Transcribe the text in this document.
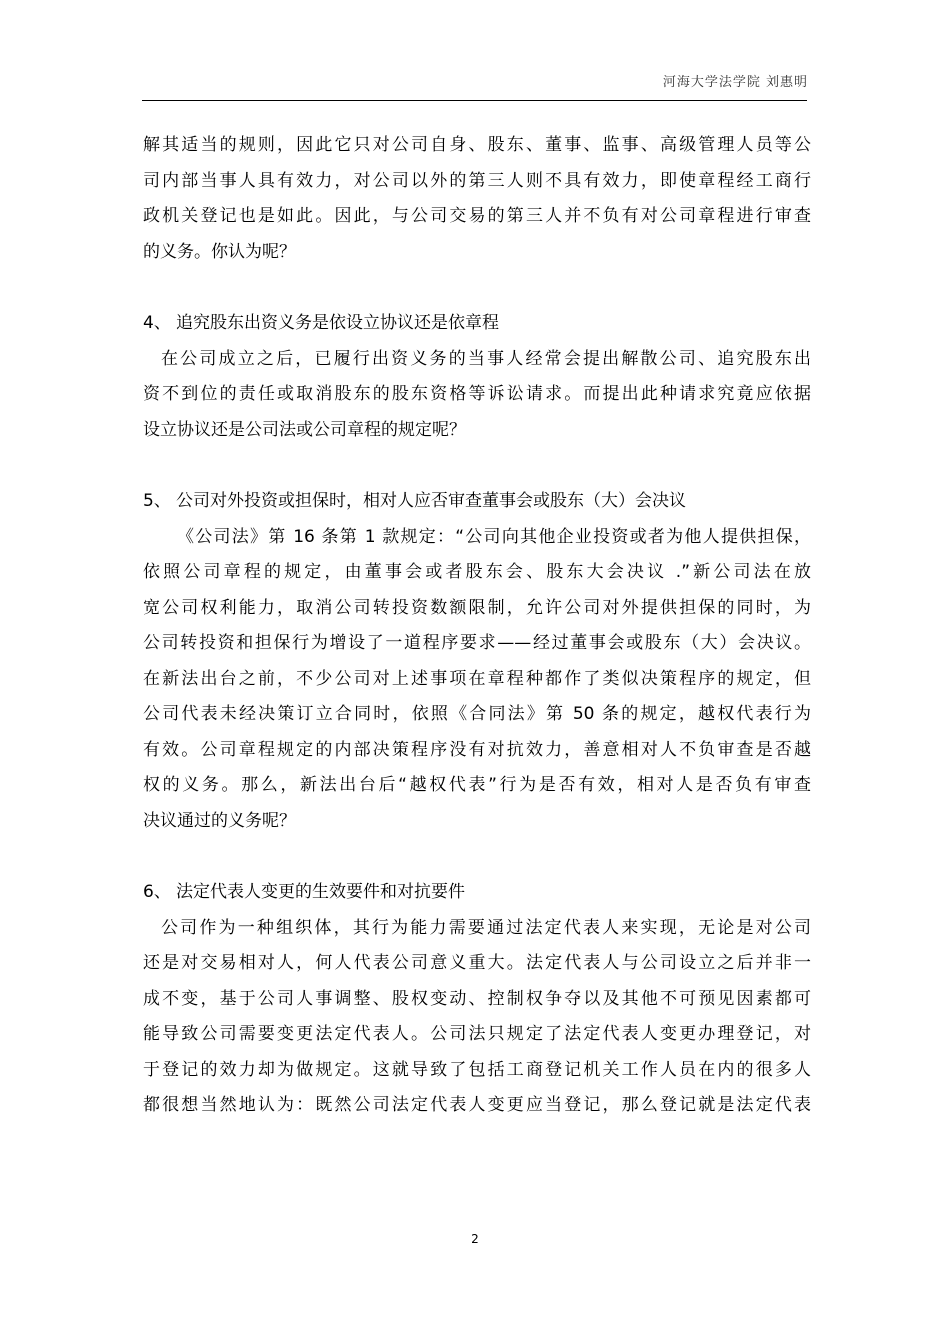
河海大学法学院 刘惠明
解其适当的规则，因此它只对公司自身、股东、董事、监事、高级管理人员等公
司内部当事人具有效力，对公司以外的第三人则不具有效力，即使章程经工商行
政机关登记也是如此。因此，与公司交易的第三人并不负有对公司章程进行审查
的义务。你认为呢？
4、 追究股东出资义务是依设立协议还是依章程
在公司成立之后，已履行出资义务的当事人经常会提出解散公司、追究股东出
资不到位的责任或取消股东的股东资格等诉讼请求。而提出此种请求究竟应依据
设立协议还是公司法或公司章程的规定呢？
5、 公司对外投资或担保时，相对人应否审查董事会或股东（大）会决议
《公司法》第 16 条第 1 款规定：“公司向其他企业投资或者为他人提供担保，
依照公司章程的规定，由董事会或者股东会、股东大会决议 .”新公司法在放
宽公司权利能力，取消公司转投资数额限制，允许公司对外提供担保的同时，为
公司转投资和担保行为增设了一道程序要求——经过董事会或股东（大）会决议。
在新法出台之前，不少公司对上述事项在章程种都作了类似决策程序的规定，但
公司代表未经决策订立合同时，依照《合同法》第 50 条的规定，越权代表行为
有效。公司章程规定的内部决策程序没有对抗效力，善意相对人不负审查是否越
权的义务。那么，新法出台后“越权代表”行为是否有效，相对人是否负有审查
决议通过的义务呢？
6、 法定代表人变更的生效要件和对抗要件
公司作为一种组织体，其行为能力需要通过法定代表人来实现，无论是对公司
还是对交易相对人，何人代表公司意义重大。法定代表人与公司设立之后并非一
成不变，基于公司人事调整、股权变动、控制权争夺以及其他不可预见因素都可
能导致公司需要变更法定代表人。公司法只规定了法定代表人变更办理登记，对
于登记的效力却为做规定。这就导致了包括工商登记机关工作人员在内的很多人
都很想当然地认为：既然公司法定代表人变更应当登记，那么登记就是法定代表
2
